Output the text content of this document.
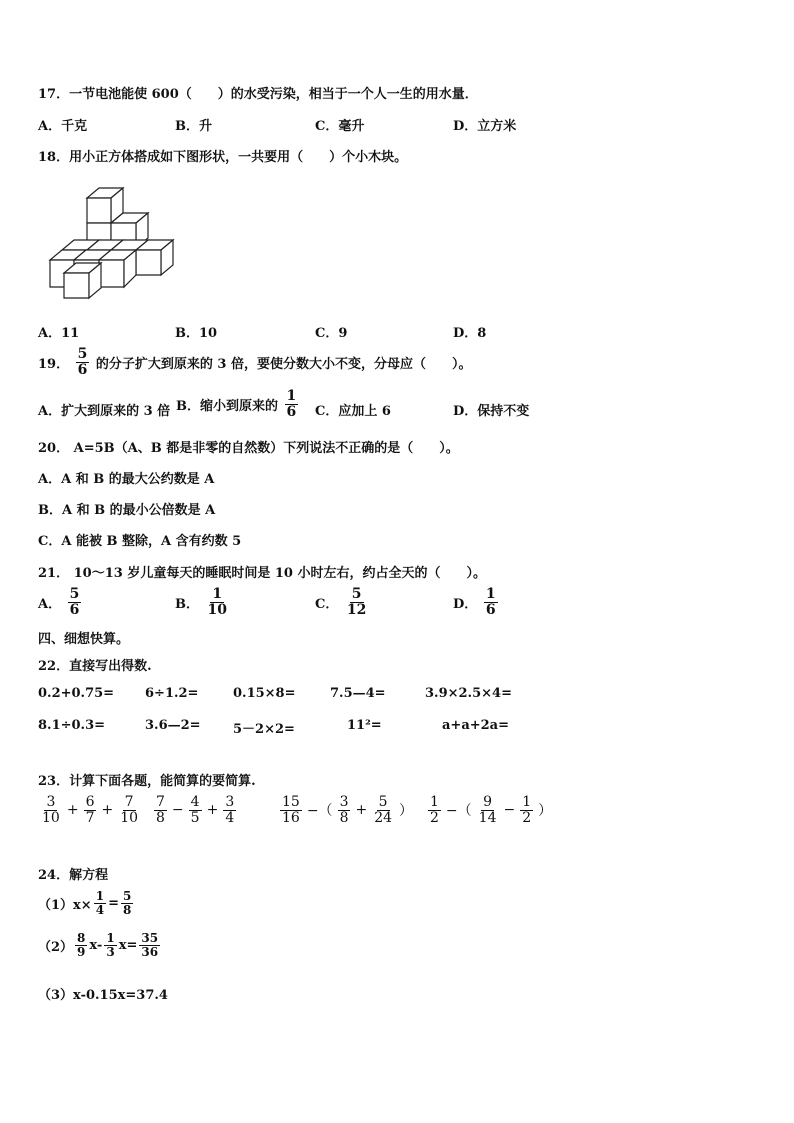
17．一节电池能使 600（　　）的水受污染，相当于一个人一生的用水量．
A．千克	B．升	C．毫升	D．立方米
18．用小正方体搭成如下图形状，一共要用（　　）个小木块。
A．11	B．10	C．9	D．8
19． $\frac{5}{6}$ 的分子扩大到原来的 3 倍，要使分数大小不变，分母应（　　）。
A．扩大到原来的 3 倍 B．缩小到原来的 $\frac{1}{6}$ C．应加上 6	D．保持不变
20． A=5B（A、B 都是非零的自然数）下列说法不正确的是（　　）。
A．A 和 B 的最大公约数是 A
B．A 和 B 的最小公倍数是 A
C．A 能被 B 整除，A 含有约数 5
21． 10～13 岁儿童每天的睡眠时间是 10 小时左右，约占全天的（　　）。
A． $\frac{5}{6}$	B． $\frac{1}{10}$	C． $\frac{5}{12}$	D． $\frac{1}{6}$
四、细想快算。
22．直接写出得数.
0.2+0.75= 6÷1.2=	0.15×8=	7.5—4=	3.9×2.5×4=
8.1÷0.3=	3.6—2= 5－2×2=	11²=	a+a+2a=
23．计算下面各题，能简算的要简算.
$\frac{3}{10} + \frac{6}{7} + \frac{7}{10} \frac{7}{8} - \frac{4}{5} + \frac{3}{4}$	$\frac{15}{16}$ −（ $\frac{3}{8} + \frac{5}{24}$ ） $\frac{1}{2}$ −（ $\frac{9}{14} - \frac{1}{2}$ ）
24．解方程
$(1)x\times \frac{1}{4} = \frac{5}{8}$
$(2) \frac{8}{9} x- \frac{1}{3} x= \frac{35}{36}$
（3）x-0.15x=37.4
